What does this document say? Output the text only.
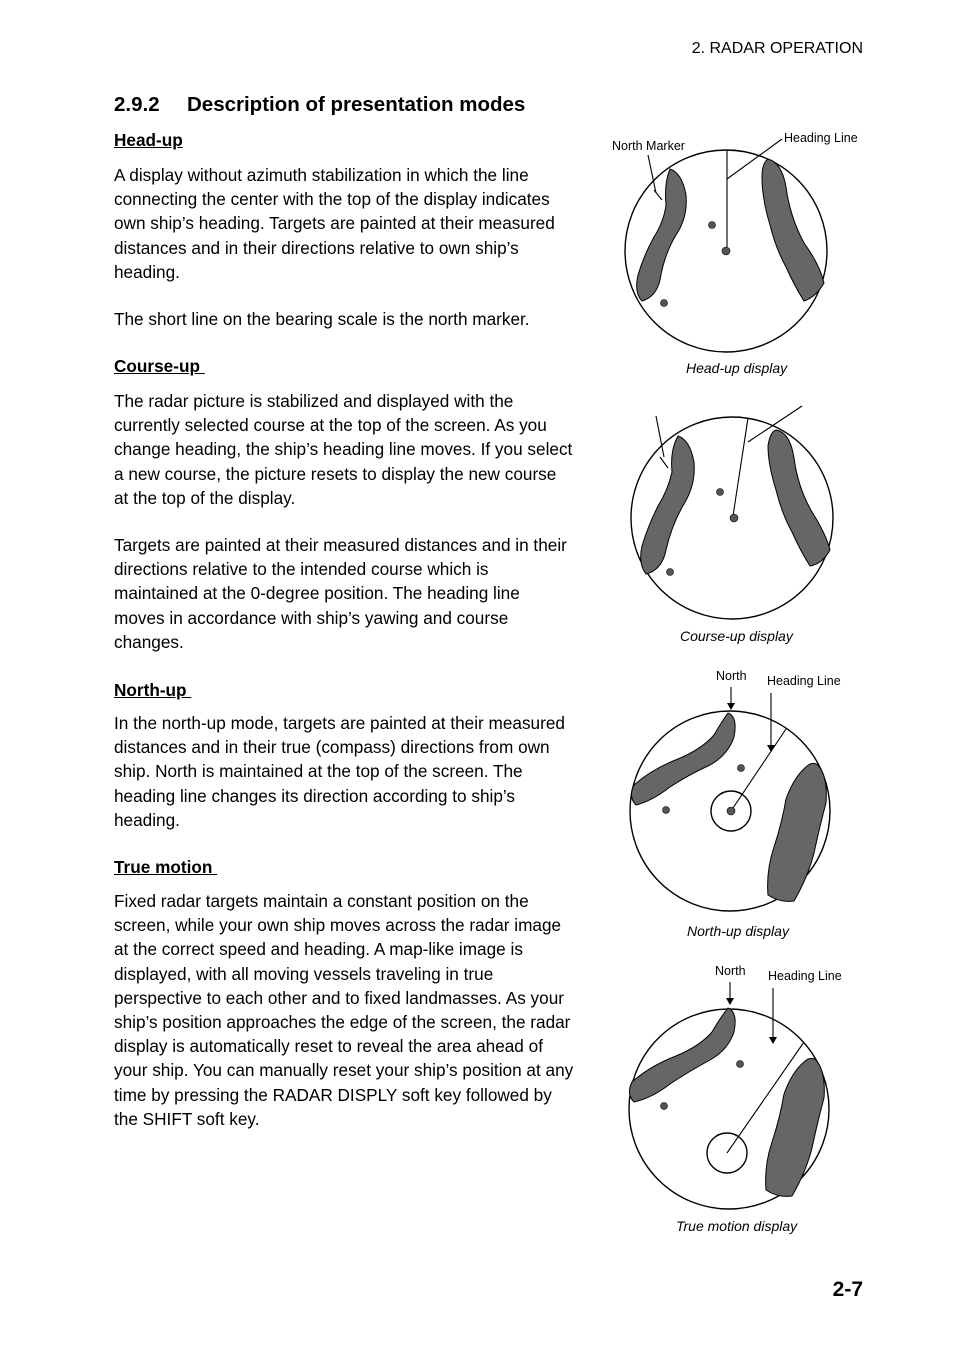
2. RADAR OPERATION
2.9.2 Description of presentation modes
Head-up

A display without azimuth stabilization in which the line connecting the center with the top of the display indicates own ship’s heading. Targets are painted at their measured distances and in their directions relative to own ship’s heading.

The short line on the bearing scale is the north marker.

Course-up

The radar picture is stabilized and displayed with the currently selected course at the top of the screen. As you change heading, the ship’s heading line moves. If you select a new course, the picture resets to display the new course at the top of the display.

Targets are painted at their measured distances and in their directions relative to the intended course which is maintained at the 0-degree position. The heading line moves in accordance with ship’s yawing and course changes.

North-up

In the north-up mode, targets are painted at their measured distances and in their true (compass) directions from own ship. North is maintained at the top of the screen. The heading line changes its direction according to ship’s heading.

True motion

Fixed radar targets maintain a constant position on the screen, while your own ship moves across the radar image at the correct speed and heading. A map-like image is displayed, with all moving vessels traveling in true perspective to each other and to fixed landmasses. As your ship’s position approaches the edge of the screen, the radar display is automatically reset to reveal the area ahead of your ship. You can manually reset your ship’s position at any time by pressing the RADAR DISPLY soft key followed by the SHIFT soft key.

North Marker
Heading Line
Head-up display
Course-up display
North Heading Line
North-up display
North Heading Line
True motion display
2-7
